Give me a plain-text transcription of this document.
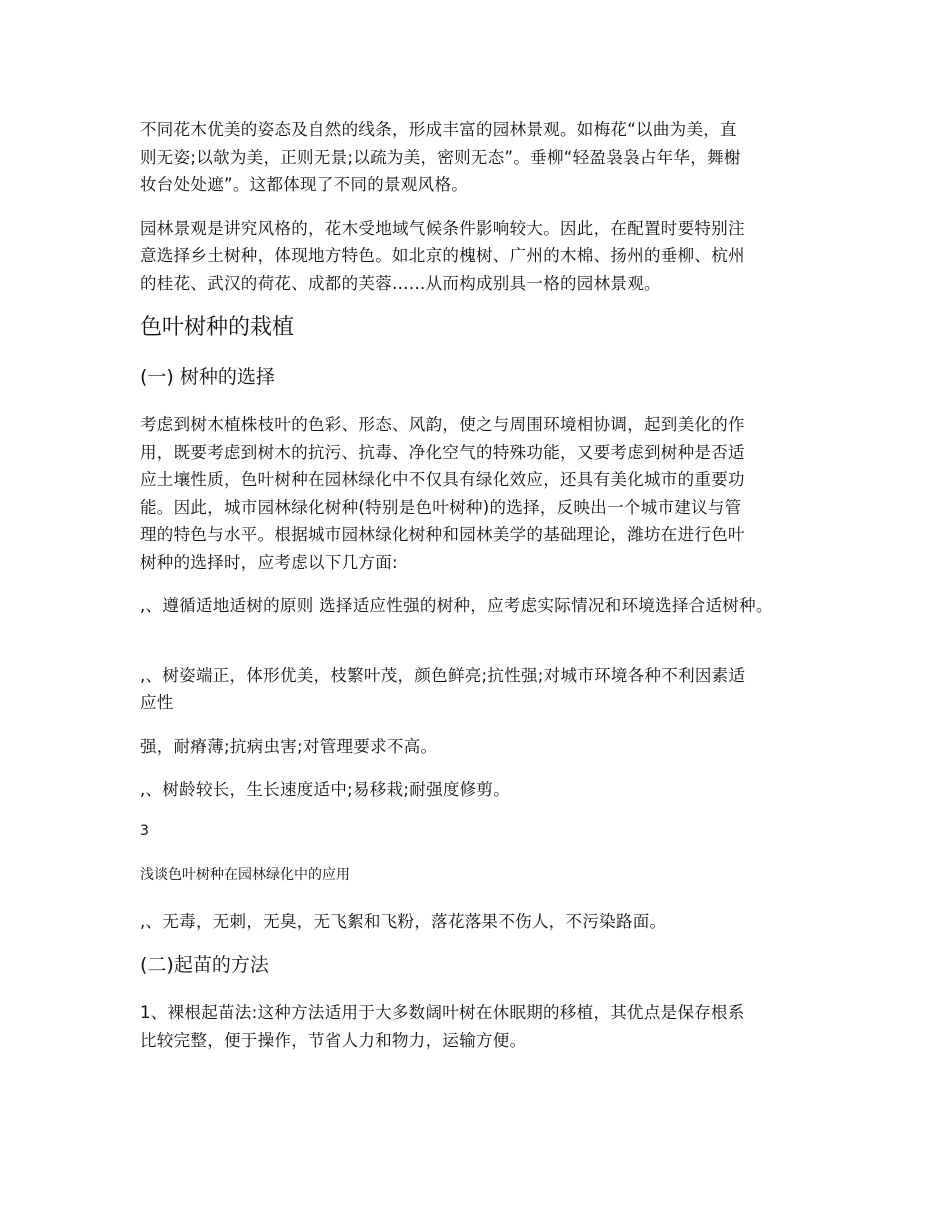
不同花木优美的姿态及自然的线条，形成丰富的园林景观。如梅花“以曲为美，直
则无姿;以欹为美，正则无景;以疏为美，密则无态”。垂柳“轻盈袅袅占年华，舞榭
妆台处处遮”。这都体现了不同的景观风格。

园林景观是讲究风格的，花木受地域气候条件影响较大。因此，在配置时要特别注
意选择乡土树种，体现地方特色。如北京的槐树、广州的木棉、扬州的垂柳、杭州
的桂花、武汉的荷花、成都的芙蓉……从而构成别具一格的园林景观。

色叶树种的栽植
(一) 树种的选择

考虑到树木植株枝叶的色彩、形态、风韵，使之与周围环境相协调，起到美化的作
用，既要考虑到树木的抗污、抗毒、净化空气的特殊功能，又要考虑到树种是否适
应土壤性质，色叶树种在园林绿化中不仅具有绿化效应，还具有美化城市的重要功
能。因此，城市园林绿化树种(特别是色叶树种)的选择，反映出一个城市建议与管
理的特色与水平。根据城市园林绿化树种和园林美学的基础理论，潍坊在进行色叶
树种的选择时，应考虑以下几方面:

,、遵循适地适树的原则 选择适应性强的树种，应考虑实际情况和环境选择合适树种。

,、树姿端正，体形优美，枝繁叶茂，颜色鲜亮;抗性强;对城市环境各种不利因素适
应性

强，耐瘠薄;抗病虫害;对管理要求不高。

,、树龄较长，生长速度适中;易移栽;耐强度修剪。

3

浅谈色叶树种在园林绿化中的应用

,、无毒，无刺，无臭，无飞絮和飞粉，落花落果不伤人，不污染路面。

(二)起苗的方法

1、裸根起苗法:这种方法适用于大多数阔叶树在休眠期的移植，其优点是保存根系
比较完整，便于操作，节省人力和物力，运输方便。
